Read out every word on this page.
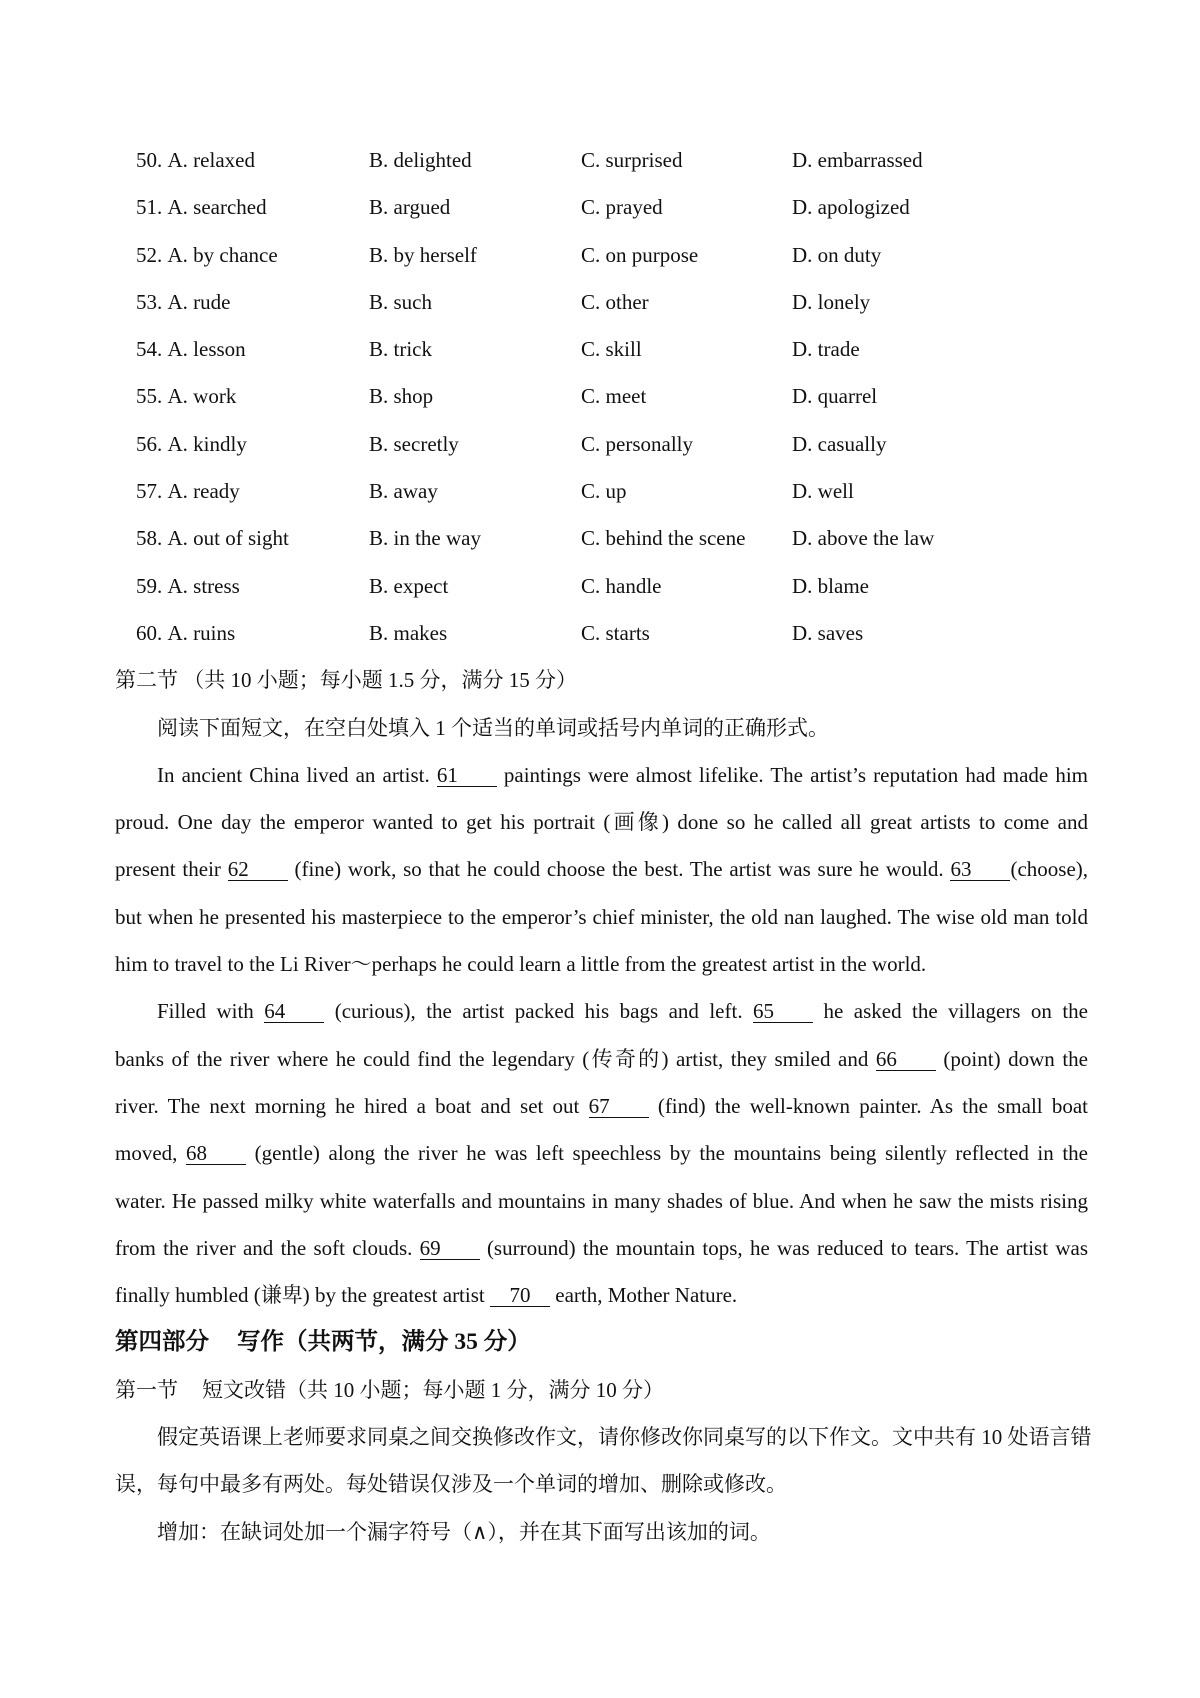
50. A. relaxed	B. delighted	C. surprised	D. embarrassed
51. A. searched	B. argued	C. prayed	D. apologized
52. A. by chance	B. by herself	C. on purpose	D. on duty
53. A. rude	B. such	C. other	D. lonely
54. A. lesson	B. trick	C. skill	D. trade
55. A. work	B. shop	C. meet	D. quarrel
56. A. kindly	B. secretly	C. personally	D. casually
57. A. ready	B. away	C. up	D. well
58. A. out of sight	B. in the way	C. behind the scene D. above the law
59. A. stress	B. expect	C. handle	D. blame
60. A. ruins	B. makes	C. starts	D. saves
第二节 （共 10 小题；每小题 1.5 分，满分 15 分）
阅读下面短文，在空白处填入 1 个适当的单词或括号内单词的正确形式。
In ancient China lived an artist. 61 paintings were almost lifelike. The artist’s reputation had made him
proud. One day the emperor wanted to get his portrait (画像) done so he called all great artists to come and
present their 62 (fine) work, so that he could choose the best. The artist was sure he would. 63 (choose),
but when he presented his masterpiece to the emperor’s chief minister, the old nan laughed. The wise old man told
him to travel to the Li River～perhaps he could learn a little from the greatest artist in the world.
Filled with 64 (curious), the artist packed his bags and left. 65 he asked the villagers on the
banks of the river where he could find the legendary (传奇的) artist, they smiled and 66 (point) down the
river. The next morning he hired a boat and set out 67 (find) the well-known painter. As the small boat
moved, 68 (gentle) along the river he was left speechless by the mountains being silently reflected in the
water. He passed milky white waterfalls and mountains in many shades of blue. And when he saw the mists rising
from the river and the soft clouds. 69 (surround) the mountain tops, he was reduced to tears. The artist was
finally humbled (谦卑) by the greatest artist 70 earth, Mother Nature.
第四部分 写作（共两节，满分 35 分）
第一节 短文改错（共 10 小题；每小题 1 分，满分 10 分）
假定英语课上老师要求同桌之间交换修改作文，请你修改你同桌写的以下作文。文中共有 10 处语言错
误，每句中最多有两处。每处错误仅涉及一个单词的增加、删除或修改。
增加：在缺词处加一个漏字符号（∧），并在其下面写出该加的词。
